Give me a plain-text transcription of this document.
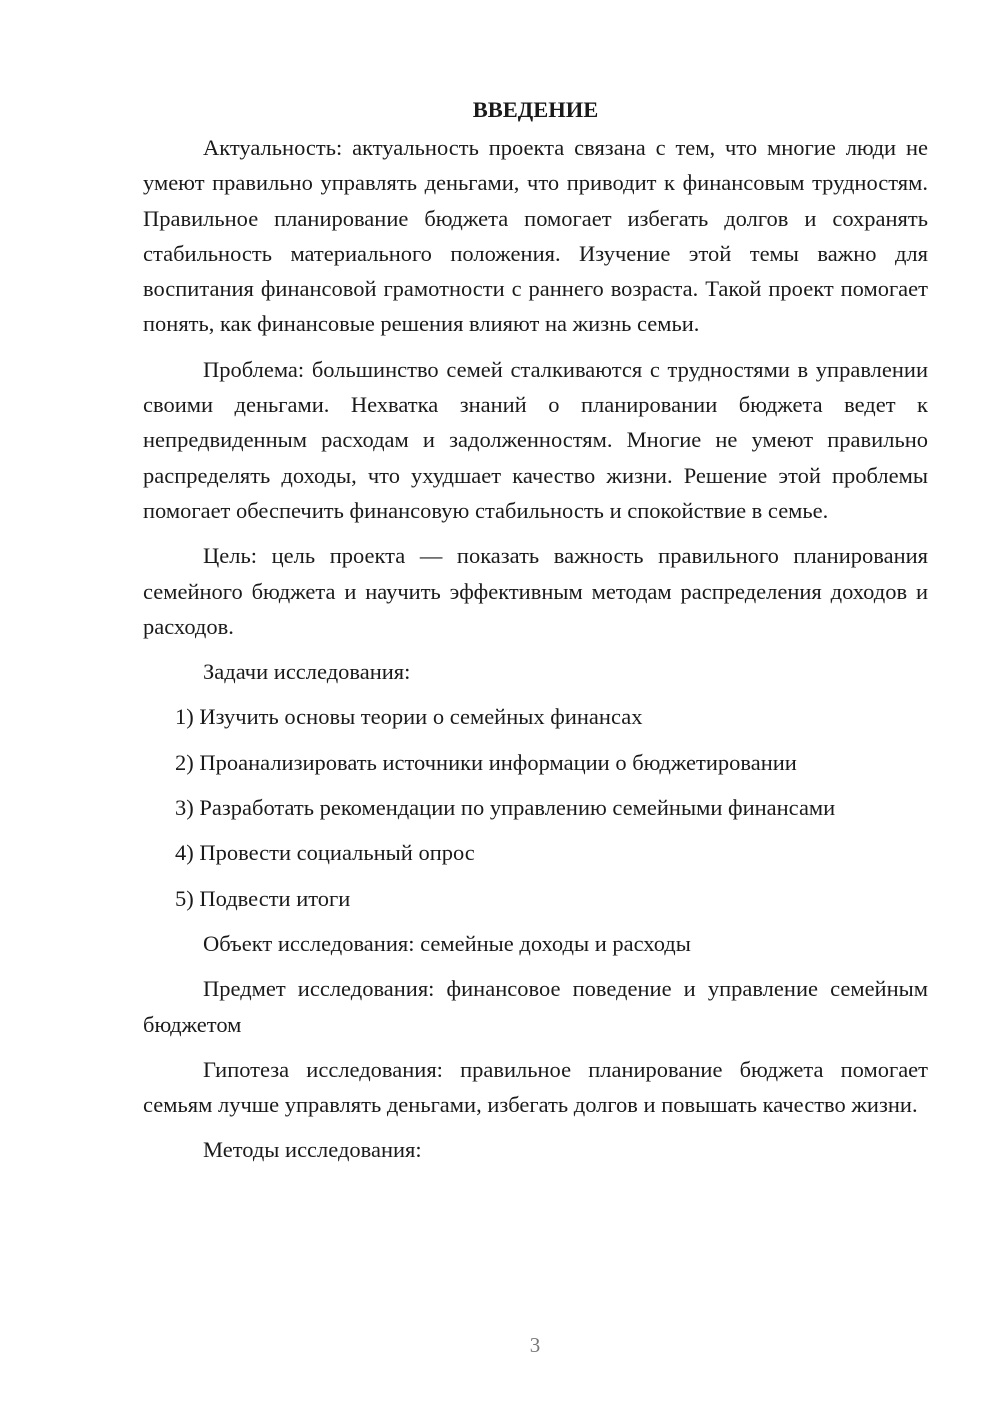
ВВЕДЕНИЕ

Актуальность: актуальность проекта связана с тем, что многие люди не умеют правильно управлять деньгами, что приводит к финансовым трудностям. Правильное планирование бюджета помогает избегать долгов и сохранять стабильность материального положения. Изучение этой темы важно для воспитания финансовой грамотности с раннего возраста. Такой проект помогает понять, как финансовые решения влияют на жизнь семьи.

Проблема: большинство семей сталкиваются с трудностями в управлении своими деньгами. Нехватка знаний о планировании бюджета ведет к непредвиденным расходам и задолженностям. Многие не умеют правильно распределять доходы, что ухудшает качество жизни. Решение этой проблемы помогает обеспечить финансовую стабильность и спокойствие в семье.

Цель: цель проекта — показать важность правильного планирования семейного бюджета и научить эффективным методам распределения доходов и расходов.

Задачи исследования:

1) Изучить основы теории о семейных финансах

2) Проанализировать источники информации о бюджетировании

3) Разработать рекомендации по управлению семейными финансами

4) Провести социальный опрос

5) Подвести итоги

Объект исследования: семейные доходы и расходы

Предмет исследования: финансовое поведение и управление семейным бюджетом

Гипотеза исследования: правильное планирование бюджета помогает семьям лучше управлять деньгами, избегать долгов и повышать качество жизни.

Методы исследования:

3
